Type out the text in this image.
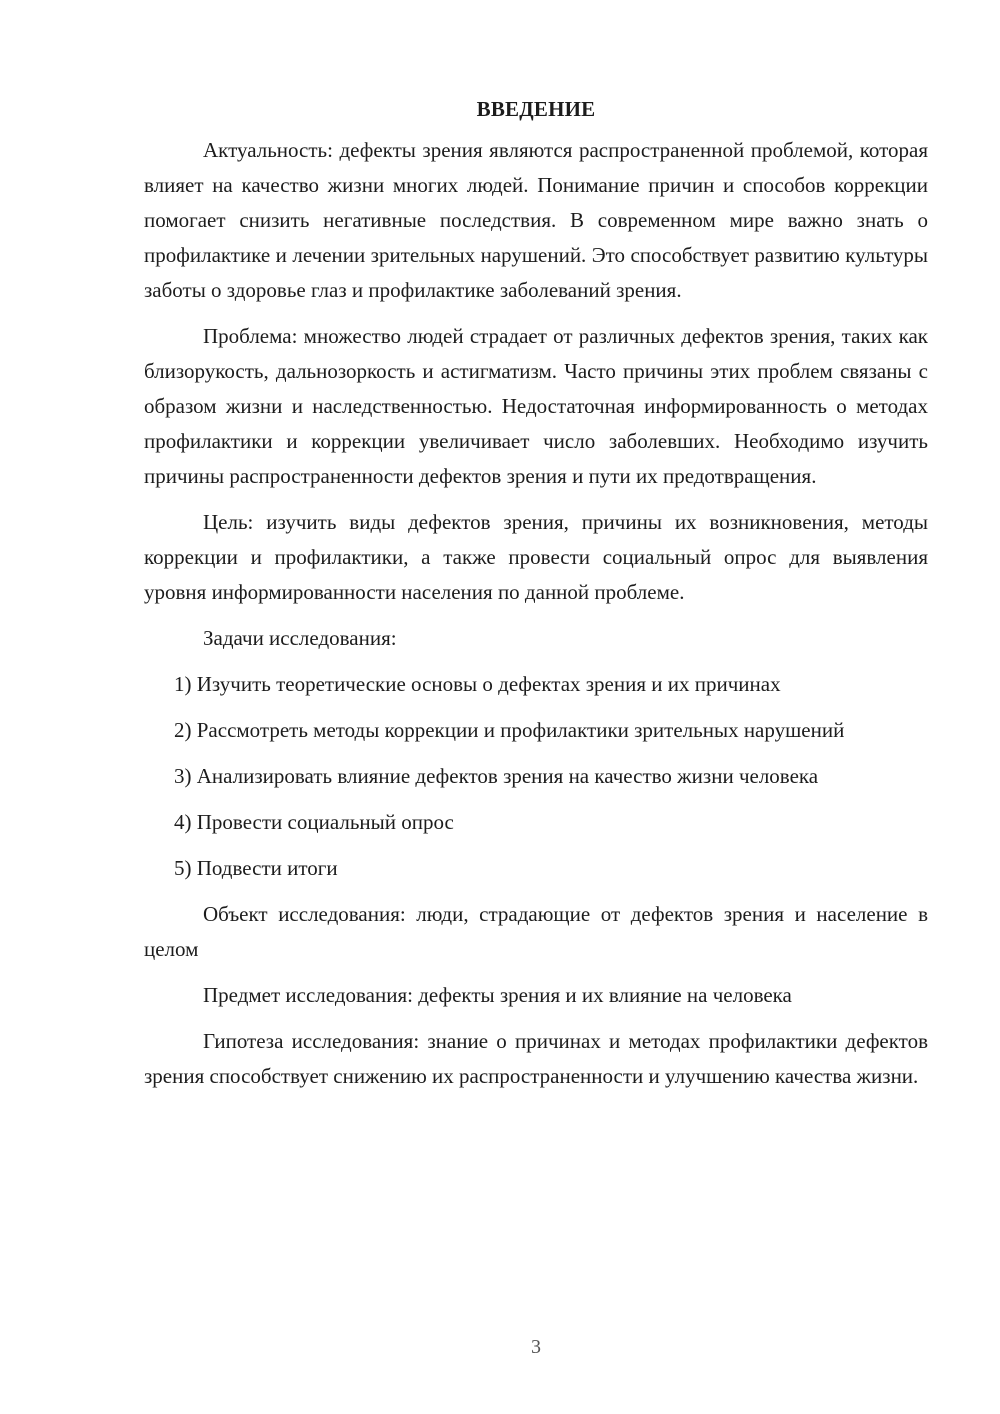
ВВЕДЕНИЕ
Актуальность: дефекты зрения являются распространенной проблемой, которая влияет на качество жизни многих людей. Понимание причин и способов коррекции помогает снизить негативные последствия. В современном мире важно знать о профилактике и лечении зрительных нарушений. Это способствует развитию культуры заботы о здоровье глаз и профилактике заболеваний зрения.
Проблема: множество людей страдает от различных дефектов зрения, таких как близорукость, дальнозоркость и астигматизм. Часто причины этих проблем связаны с образом жизни и наследственностью. Недостаточная информированность о методах профилактики и коррекции увеличивает число заболевших. Необходимо изучить причины распространенности дефектов зрения и пути их предотвращения.
Цель: изучить виды дефектов зрения, причины их возникновения, методы коррекции и профилактики, а также провести социальный опрос для выявления уровня информированности населения по данной проблеме.
Задачи исследования:
1) Изучить теоретические основы о дефектах зрения и их причинах
2) Рассмотреть методы коррекции и профилактики зрительных нарушений
3) Анализировать влияние дефектов зрения на качество жизни человека
4) Провести социальный опрос
5) Подвести итоги
Объект исследования: люди, страдающие от дефектов зрения и население в целом
Предмет исследования: дефекты зрения и их влияние на человека
Гипотеза исследования: знание о причинах и методах профилактики дефектов зрения способствует снижению их распространенности и улучшению качества жизни.
3
